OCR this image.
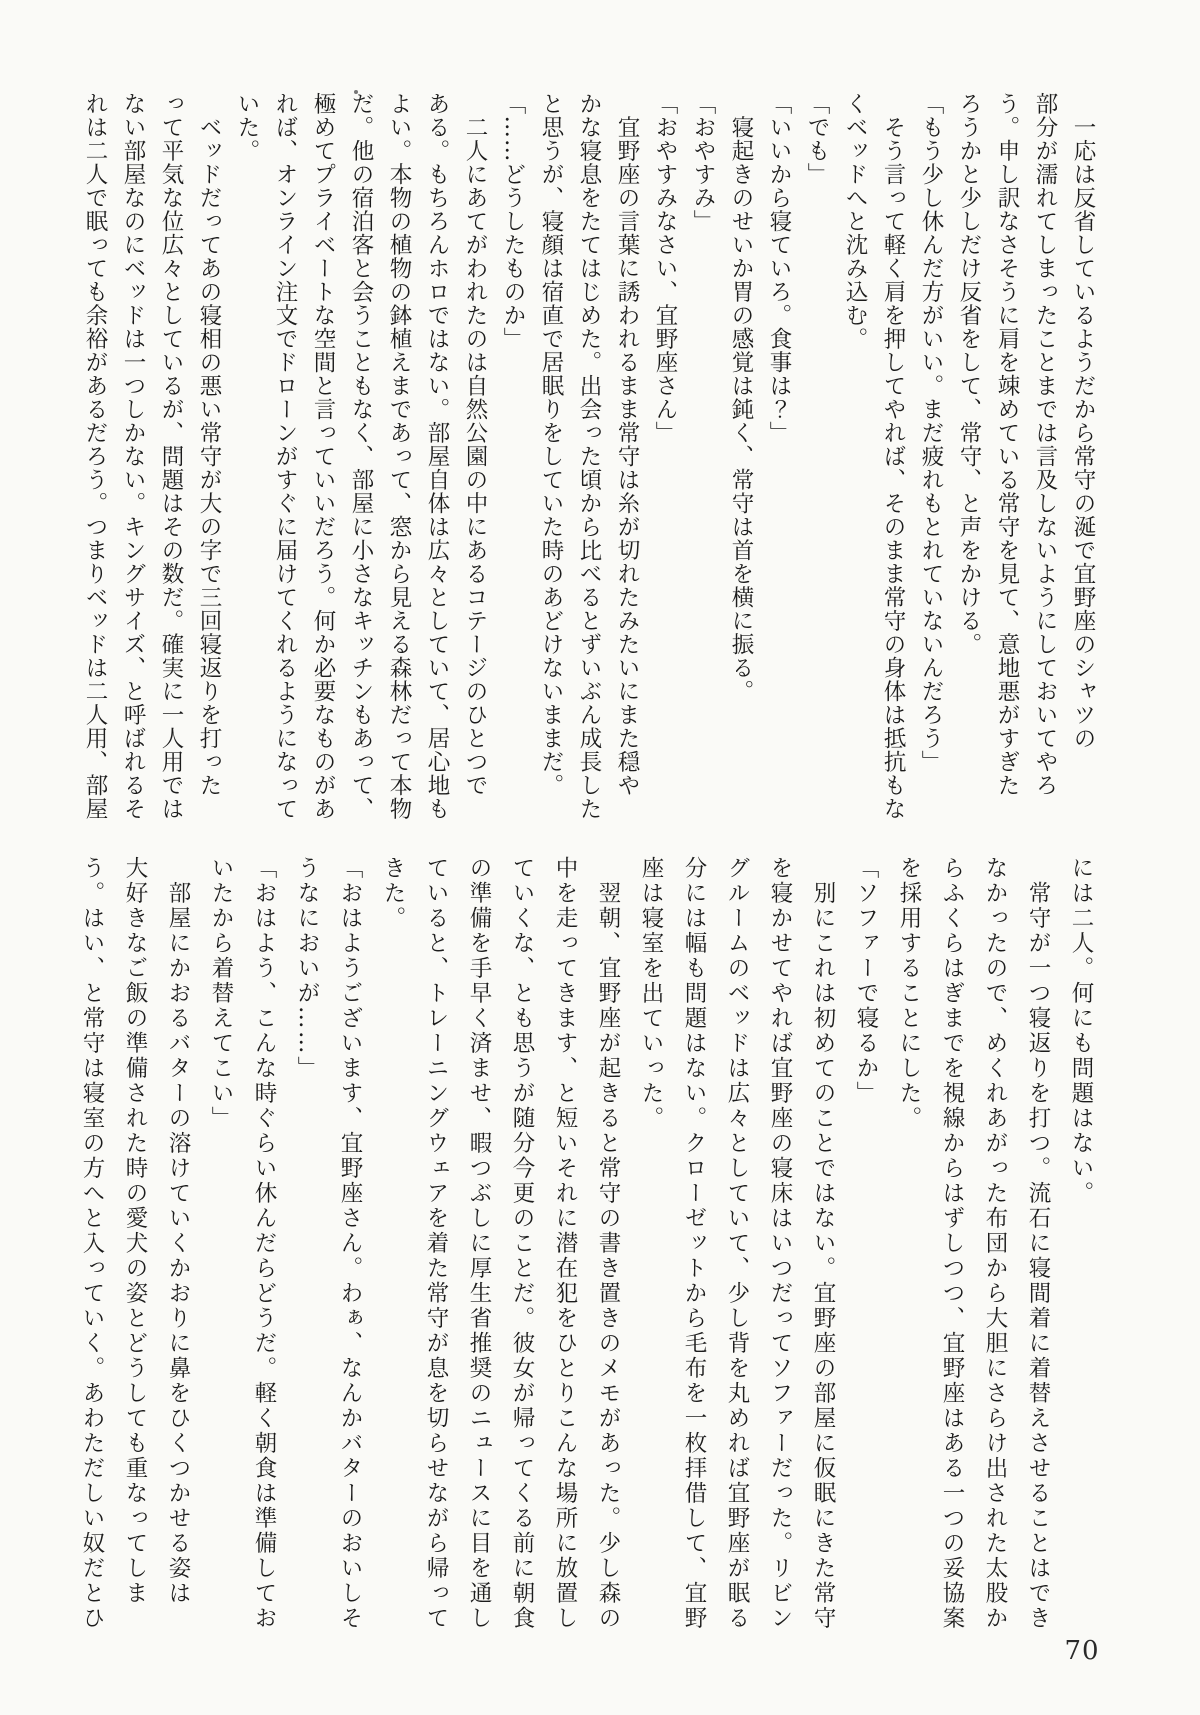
　一応は反省しているようだから常守の涎で宜野座のシャツの

部分が濡れてしまったことまでは言及しないようにしておいてやろ

う。申し訳なさそうに肩を竦めている常守を見て、意地悪がすぎた

ろうかと少しだけ反省をして、常守、と声をかける。

「もう少し休んだ方がいい。まだ疲れもとれていないんだろう」

　そう言って軽く肩を押してやれば、そのまま常守の身体は抵抗もな

くベッドへと沈み込む。

「でも」

「いいから寝ていろ。食事は？」

　寝起きのせいか胃の感覚は鈍く、常守は首を横に振る。

「おやすみ」

「おやすみなさい、宜野座さん」

　宜野座の言葉に誘われるまま常守は糸が切れたみたいにまた穏や

かな寝息をたてはじめた。出会った頃から比べるとずいぶん成長した

と思うが、寝顔は宿直で居眠りをしていた時のあどけないままだ。

「……どうしたものか」

　二人にあてがわれたのは自然公園の中にあるコテージのひとつで

ある。もちろんホロではない。部屋自体は広々としていて、居心地も

よい。本物の植物の鉢植えまであって、窓から見える森林だって本物

だ。他の宿泊客と会うこともなく、部屋に小さなキッチンもあって、

極めてプライベートな空間と言っていいだろう。何か必要なものがあ

れば、オンライン注文でドローンがすぐに届けてくれるようになって

いた。

　ベッドだってあの寝相の悪い常守が大の字で三回寝返りを打った

って平気な位広々としているが、問題はその数だ。確実に一人用では

ない部屋なのにベッドは一つしかない。キングサイズ、と呼ばれるそ

れは二人で眠っても余裕があるだろう。つまりベッドは二人用、部屋

には二人。何にも問題はない。

　常守が一つ寝返りを打つ。流石に寝間着に着替えさせることはでき

なかったので、めくれあがった布団から大胆にさらけ出された太股か

らふくらはぎまでを視線からはずしつつ、宜野座はある一つの妥協案

を採用することにした。

「ソファーで寝るか」

　別にこれは初めてのことではない。宜野座の部屋に仮眠にきた常守

を寝かせてやれば宜野座の寝床はいつだってソファーだった。リビン

グルームのベッドは広々としていて、少し背を丸めれば宜野座が眠る

分には幅も問題はない。クローゼットから毛布を一枚拝借して、宜野

座は寝室を出ていった。

　翌朝、宜野座が起きると常守の書き置きのメモがあった。少し森の

中を走ってきます、と短いそれに潜在犯をひとりこんな場所に放置し

ていくな、とも思うが随分今更のことだ。彼女が帰ってくる前に朝食

の準備を手早く済ませ、暇つぶしに厚生省推奨のニュースに目を通し

ていると、トレーニングウェアを着た常守が息を切らせながら帰って

きた。

「おはようございます、宜野座さん。わぁ、なんかバターのおいしそ

うなにおいが……」

「おはよう、こんな時ぐらい休んだらどうだ。軽く朝食は準備してお

いたから着替えてこい」

　部屋にかおるバターの溶けていくかおりに鼻をひくつかせる姿は

大好きなご飯の準備された時の愛犬の姿とどうしても重なってしま

う。はい、と常守は寝室の方へと入っていく。あわただしい奴だとひ

70
